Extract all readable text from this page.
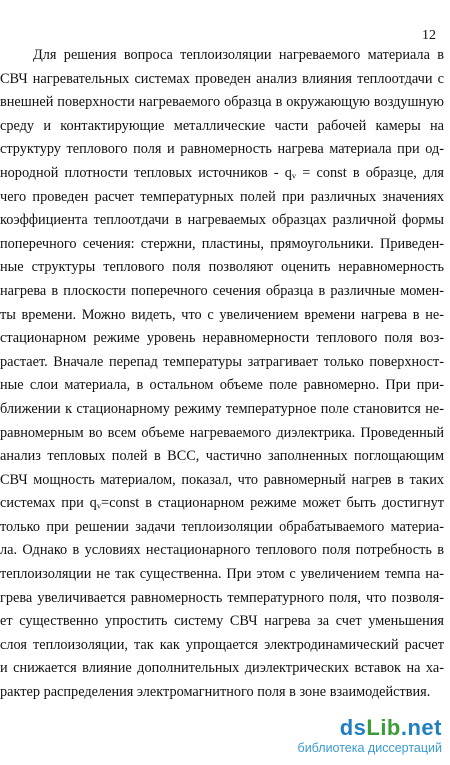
12
Для решения вопроса теплоизоляции нагреваемого материала в
СВЧ нагревательных системах проведен анализ влияния теплоотдачи с
внешней поверхности нагреваемого образца в окружающую воздушную
среду и контактирующие металлические части рабочей камеры на
структуру теплового поля и равномерность нагрева материала при од-
нородной плотности тепловых источников - qᵥ = const в образце, для
чего проведен расчет температурных полей при различных значениях
коэффициента теплоотдачи в нагреваемых образцах различной формы
поперечного сечения: стержни, пластины, прямоугольники. Приведен-
ные структуры теплового поля позволяют оценить неравномерность
нагрева в плоскости поперечного сечения образца в различные момен-
ты времени. Можно видеть, что с увеличением времени нагрева в не-
стационарном режиме уровень неравномерности теплового поля воз-
растает. Вначале перепад температуры затрагивает только поверхност-
ные слои материала, в остальном объеме поле равномерно. При при-
ближении к стационарному режиму температурное поле становится не-
равномерным во всем объеме нагреваемого диэлектрика. Проведенный
анализ тепловых полей в ВСС, частично заполненных поглощающим
СВЧ мощность материалом, показал, что равномерный нагрев в таких
системах при qᵥ=const в стационарном режиме может быть достигнут
только при решении задачи теплоизоляции обрабатываемого материа-
ла. Однако в условиях нестационарного теплового поля потребность в
теплоизоляции не так существенна. При этом с увеличением темпа на-
грева увеличивается равномерность температурного поля, что позволя-
ет существенно упростить систему СВЧ нагрева за счет уменьшения
слоя теплоизоляции, так как упрощается электродинамический расчет
и снижается влияние дополнительных диэлектрических вставок на ха-
рактер распределения электромагнитного поля в зоне взаимодействия.
dsLib.net
библиотека диссертаций
